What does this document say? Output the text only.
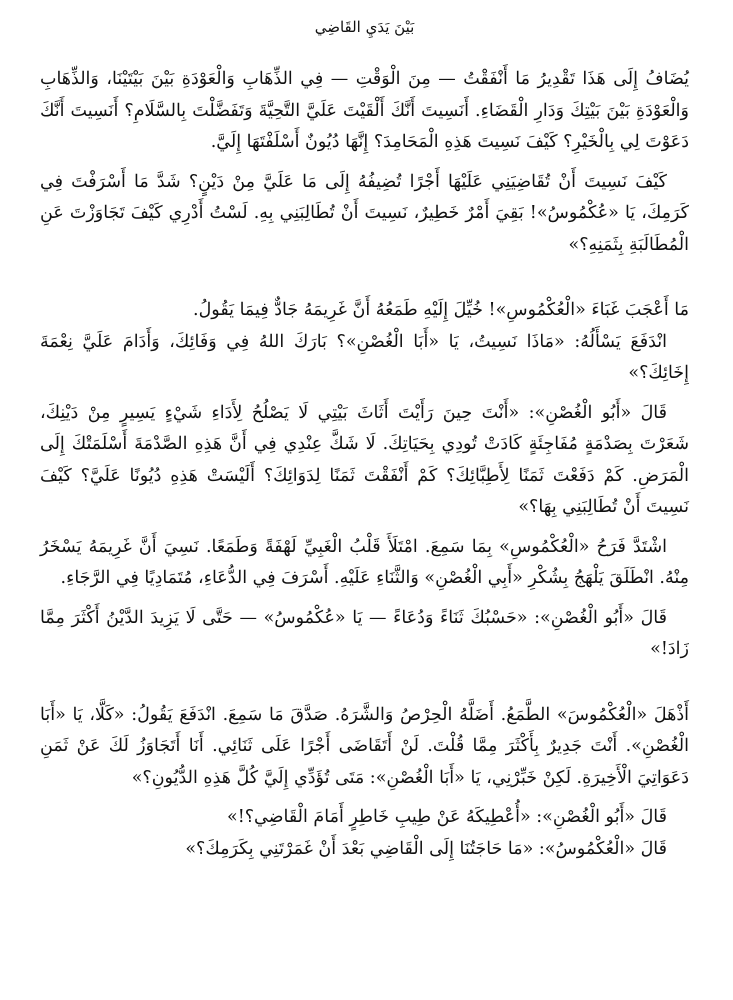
بَيْنَ يَدَيِ القَاضِي

يُضَافُ إِلَى هَذَا تَقْدِيرُ مَا أَنْفَقْتُ — مِنَ الْوَقْتِ — فِي الذِّهَابِ وَالْعَوْدَةِ بَيْنَ بَيْتَيْنَا، وَالذِّهَابِ وَالْعَوْدَةِ بَيْنَ بَيْتِكَ وَدَارِ الْقَضَاءِ. أَنَسِيتَ أَنَّكَ أَلْقَيْتَ عَلَيَّ التَّحِيَّةَ وَتَفَضَّلْتَ بِالسَّلَامِ؟ أَنَسِيتَ أَنَّكَ دَعَوْتَ لِي بِالْخَيْرِ؟ كَيْفَ نَسِيتَ هَذِهِ الْمَحَامِدَ؟ إِنَّهَا دُيُونٌ أَسْلَفْتَهَا إِلَيَّ.

كَيْفَ نَسِيتَ أَنْ تُقَاضِيَنِي عَلَيْهَا أَجْرًا تُضِيفُهُ إِلَى مَا عَلَيَّ مِنْ دَيْنٍ؟ شَدَّ مَا أَسْرَفْتَ فِي كَرَمِكَ، يَا «عُكْمُوسُ»! بَقِيَ أَمْرٌ خَطِيرٌ، نَسِيتَ أَنْ تُطَالِبَنِي بِهِ. لَسْتُ أَدْرِي كَيْفَ تَجَاوَزْتَ عَنِ الْمُطَالَبَةِ بِثَمَنِهِ؟»

مَا أَعْجَبَ غَبَاءَ «الْعُكْمُوسِ»! خُيِّلَ إِلَيْهِ طَمَعُهُ أَنَّ غَرِيمَهُ جَادٌّ فِيمَا يَقُولُ.

انْدَفَعَ يَسْأَلُهُ: «مَاذَا نَسِيتُ، يَا «أَبَا الْغُصْنِ»؟ بَارَكَ اللهُ فِي وَفَائِكَ، وَأَدَامَ عَلَيَّ نِعْمَةَ إِخَائِكَ؟»

قَالَ «أَبُو الْغُصْنِ»: «أَنْتَ حِينَ رَأَيْتَ أَثَاثَ بَيْتِي لَا يَصْلُحُ لِأَدَاءِ شَيْءٍ يَسِيرٍ مِنْ دَيْنِكَ، شَعَرْتَ بِصَدْمَةٍ مُفَاجِئَةٍ كَادَتْ تُودِي بِحَيَاتِكَ. لَا شَكَّ عِنْدِي فِي أَنَّ هَذِهِ الصَّدْمَةَ أَسْلَمَتْكَ إِلَى الْمَرَضِ. كَمْ دَفَعْتَ ثَمَنًا لِأَطِبَّائِكَ؟ كَمْ أَنْفَقْتَ ثَمَنًا لِدَوَائِكَ؟ أَلَيْسَتْ هَذِهِ دُيُونًا عَلَيَّ؟ كَيْفَ نَسِيتَ أَنْ تُطَالِبَنِي بِهَا؟»

اشْتَدَّ فَرَحُ «الْعُكْمُوسِ» بِمَا سَمِعَ. امْتَلَأَ قَلْبُ الْغَبِيِّ لَهْفَةً وَطَمَعًا. نَسِيَ أَنَّ غَرِيمَهُ يَسْخَرُ مِنْهُ. انْطَلَقَ يَلْهَجُ بِشُكْرِ «أَبِي الْغُصْنِ» وَالثَّنَاءِ عَلَيْهِ. أَسْرَفَ فِي الدُّعَاءِ، مُتَمَادِيًا فِي الرَّجَاءِ.

قَالَ «أَبُو الْغُصْنِ»: «حَسْبُكَ ثَنَاءً وَدُعَاءً — يَا «عُكْمُوسُ» — حَتَّى لَا يَزِيدَ الدَّيْنُ أَكْثَرَ مِمَّا زَادَ!»

أَذْهَلَ «الْعُكْمُوسَ» الطَّمَعُ. أَضَلَّهُ الْحِرْصُ وَالشَّرَهُ. صَدَّقَ مَا سَمِعَ. انْدَفَعَ يَقُولُ: «كَلَّا، يَا «أَبَا الْغُصْنِ». أَنْتَ جَدِيرٌ بِأَكْثَرَ مِمَّا قُلْتَ. لَنْ أَتَقَاضَى أَجْرًا عَلَى ثَنَائِي. أَنَا أَتَجَاوَزُ لَكَ عَنْ ثَمَنِ دَعَوَاتِيَ الْأَخِيرَةِ. لَكِنْ خَبِّرْنِي، يَا «أَبَا الْغُصْنِ»: مَتَى تُؤَدِّي إِلَيَّ كُلَّ هَذِهِ الدُّيُونِ؟»

قَالَ «أَبُو الْغُصْنِ»: «أُعْطِيكَهُ عَنْ طِيبِ خَاطِرٍ أَمَامَ الْقَاضِي؟!»

قَالَ «الْعُكْمُوسُ»: «مَا حَاجَتُنَا إِلَى الْقَاضِي بَعْدَ أَنْ غَمَرْتَنِي بِكَرَمِكَ؟»
